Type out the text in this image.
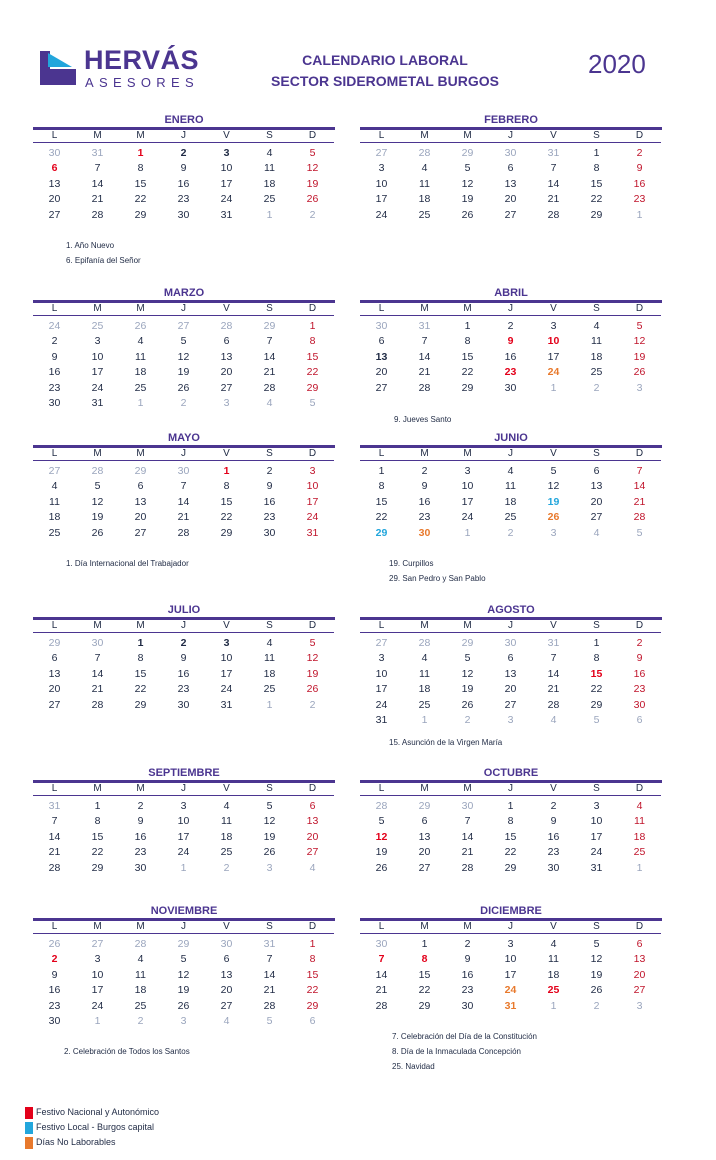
HERVÁS
ASESORES
CALENDARIO LABORAL
SECTOR SIDEROMETAL BURGOS
2020
ENERO
L	M	M	J	V	S	D
30	31	1	2	3	4	5
6	7	8	9	10	11	12
13	14	15	16	17	18	19
20	21	22	23	24	25	26
27	28	29	30	31	1	2
1. Año Nuevo
6. Epifanía del Señor
FEBRERO
L	M	M	J	V	S	D
27	28	29	30	31	1	2
3	4	5	6	7	8	9
10	11	12	13	14	15	16
17	18	19	20	21	22	23
24	25	26	27	28	29	1
MARZO
L	M	M	J	V	S	D
24	25	26	27	28	29	1
2	3	4	5	6	7	8
9	10	11	12	13	14	15
16	17	18	19	20	21	22
23	24	25	26	27	28	29
30	31	1	2	3	4	5
ABRIL
L	M	M	J	V	S	D
30	31	1	2	3	4	5
6	7	8	9	10	11	12
13	14	15	16	17	18	19
20	21	22	23	24	25	26
27	28	29	30	1	2	3
9. Jueves Santo
MAYO
L	M	M	J	V	S	D
27	28	29	30	1	2	3
4	5	6	7	8	9	10
11	12	13	14	15	16	17
18	19	20	21	22	23	24
25	26	27	28	29	30	31
1. Día Internacional del Trabajador
JUNIO
L	M	M	J	V	S	D
1	2	3	4	5	6	7
8	9	10	11	12	13	14
15	16	17	18	19	20	21
22	23	24	25	26	27	28
29	30	1	2	3	4	5
19. Curpillos
29. San Pedro y San Pablo
JULIO
L	M	M	J	V	S	D
29	30	1	2	3	4	5
6	7	8	9	10	11	12
13	14	15	16	17	18	19
20	21	22	23	24	25	26
27	28	29	30	31	1	2
AGOSTO
L	M	M	J	V	S	D
27	28	29	30	31	1	2
3	4	5	6	7	8	9
10	11	12	13	14	15	16
17	18	19	20	21	22	23
24	25	26	27	28	29	30
31	1	2	3	4	5	6
15. Asunción de la Virgen María
SEPTIEMBRE
L	M	M	J	V	S	D
31	1	2	3	4	5	6
7	8	9	10	11	12	13
14	15	16	17	18	19	20
21	22	23	24	25	26	27
28	29	30	1	2	3	4
OCTUBRE
L	M	M	J	V	S	D
28	29	30	1	2	3	4
5	6	7	8	9	10	11
12	13	14	15	16	17	18
19	20	21	22	23	24	25
26	27	28	29	30	31	1
NOVIEMBRE
L	M	M	J	V	S	D
26	27	28	29	30	31	1
2	3	4	5	6	7	8
9	10	11	12	13	14	15
16	17	18	19	20	21	22
23	24	25	26	27	28	29
30	1	2	3	4	5	6
2. Celebración de Todos los Santos
DICIEMBRE
L	M	M	J	V	S	D
30	1	2	3	4	5	6
7	8	9	10	11	12	13
14	15	16	17	18	19	20
21	22	23	24	25	26	27
28	29	30	31	1	2	3
7. Celebración del Día de la Constitución
8. Día de la Inmaculada Concepción
25. Navidad
Festivo Nacional y Autonómico
Festivo Local - Burgos capital
Días No Laborables
